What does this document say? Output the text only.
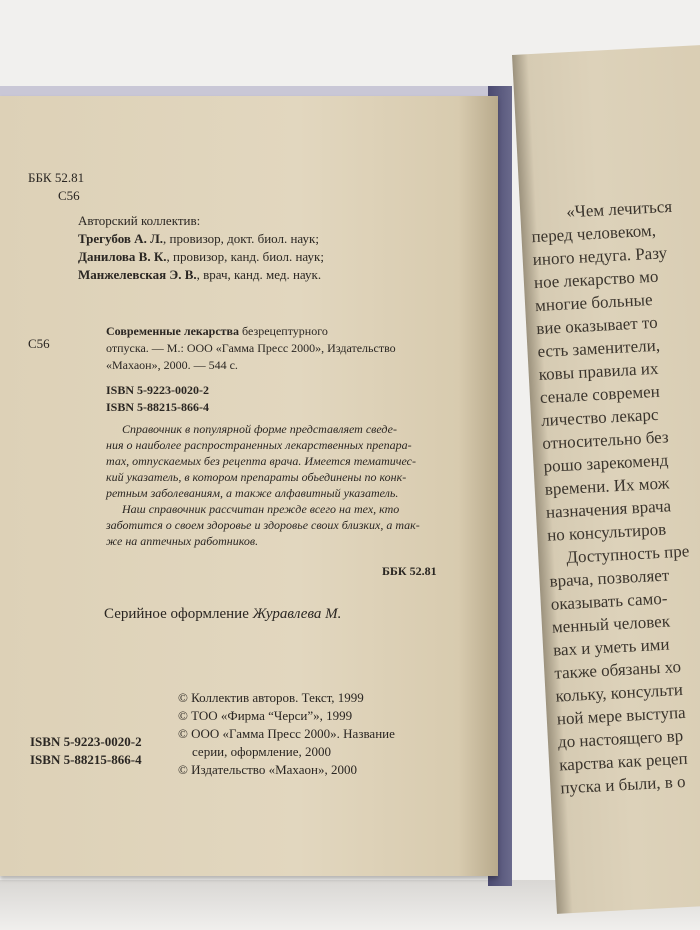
ББК 52.81
С56
Авторский коллектив:
Трегубов А. Л., провизор, докт. биол. наук;
Данилова В. К., провизор, канд. биол. наук;
Манжелевская Э. В., врач, канд. мед. наук.
С56
Современные лекарства безрецептурного
отпуска. — М.: ООО «Гамма Пресс 2000», Издательство
«Махаон», 2000. — 544 с.
ISBN 5-9223-0020-2
ISBN 5-88215-866-4
Справочник в популярной форме представляет сведе-
ния о наиболее распространенных лекарственных препара-
тах, отпускаемых без рецепта врача. Имеется тематичес-
кий указатель, в котором препараты обьединены по конк-
ретным заболеваниям, а также алфавитный указатель.
Наш справочник рассчитан прежде всего на тех, кто
заботится о своем здоровье и здоровье своих близких, а так-
же на аптечных работников.
ББК 52.81
Серийное оформление Журавлева М.
© Коллектив авторов. Текст, 1999
© ТОО «Фирма “Черси”», 1999
© ООО «Гамма Пресс 2000». Название
серии, оформление, 2000
© Издательство «Махаон», 2000
ISBN 5-9223-0020-2
ISBN 5-88215-866-4
«Чем лечиться
перед человеком,
иного недуга. Разу
ное лекарство мо
многие больные
вие оказывает то
есть заменители,
ковы правила их
сенале современ
личество лекарс
относительно без
рошо зарекоменд
времени. Их мож
назначения врача
но консультиров
Доступность пре
врача, позволяет
оказывать само-
менный человек
вах и уметь ими
также обязаны хо
кольку, консульти
ной мере выступа
до настоящего вр
карства как рецеп
пуска и были, в о
